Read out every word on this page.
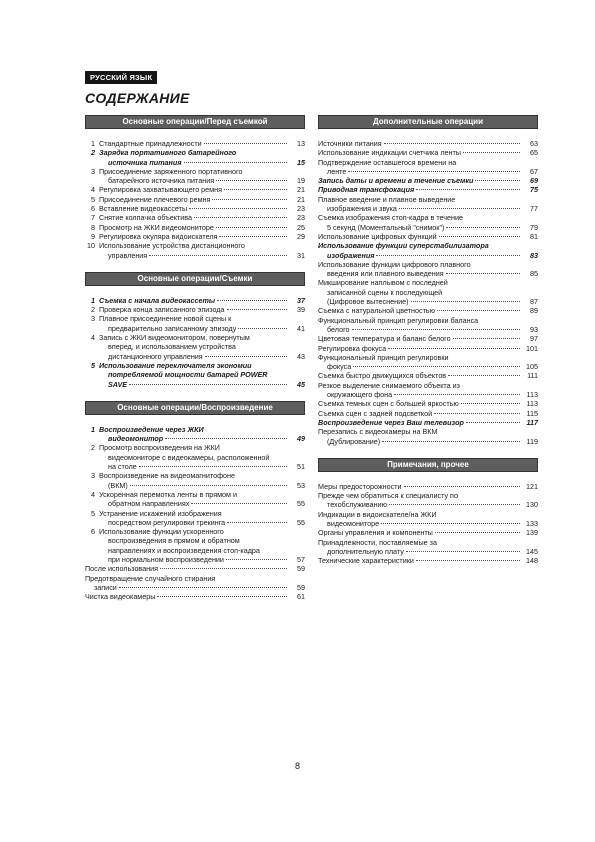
РУССКИЙ ЯЗЫК
СОДЕРЖАНИЕ
Основные операции/Перед съемкой
1 Стандартные принадлежности	13
2 Зарядка портативного батарейного
источника питания	15
3 Присоединение заряженного портативного
батарейного источника питания	19
4 Регулировка захватывающего ремня	21
5 Присоединение плечевого ремня	21
6 Вставление видеокассеты	23
7 Снятие колпачка объектива	23
8 Просмотр на ЖКИ видеомониторе	25
9 Регулировка окуляра видоискателя	29
10 Использование устройства дистанционного
управления	31
Основные операции/Съемки
1 Съемка с начала видеокассеты	37
2 Проверка конца записанного эпизода	39
3 Плавное присоединение новой сцены к
предварительно записанному эпизоду	41
4 Запись с ЖКИ видеомонитором, повернутым
вперед, и использованием устройства
дистанционного управления	43
5 Использование переключателя экономии
потребляемой мощности батарей POWER
SAVE	45
Основные операции/Воспроизведение
1 Воспроизведение через ЖКИ
видеомонитор	49
2 Просмотр воспроизведения на ЖКИ
видеомониторе с видеокамеры, расположенной
на столе	51
3 Воспроизведение на видеомагнитофоне
(ВКМ)	53
4 Ускоренная перемотка ленты в прямом и
обратном направлениях	55
5 Устранение искажений изображения
посредством регулировки трекинга	55
6 Использование функции ускоренного
воспроизведения в прямом и обратном
направлениях и воспроизведения стоп-кадра
при нормальном воспроизведении	57
После использования	59
Предотвращение случайного стирания
записи	59
Чистка видеокамеры	61
Дополнительные операции
Источники питания	63
Использование индикации счетчика ленты	65
Подтверждение оставшегося времени на
ленте	67
Запись даты и времени в течение съемки	69
Приводная трансфокация	75
Плавное введение и плавное выведение
изображения и звука	77
Съемка изображения стоп-кадра в течение
5 секунд (Моментальный "снимок")	79
Использование цифровых функций	81
Использование функции суперстабилизатора
изображения	83
Использование функции цифрового плавного
введения или плавного выведения	85
Микширование наплывом с последней
записанной сцены к последующей
(Цифровое вытеснение)	87
Съемка с натуральной цветностью	89
Функциональный принцип регулировки баланса
белого	93
Цветовая температура и баланс белого	97
Регулировка фокуса	101
Функциональный принцип регулировки
фокуса	105
Съемка быстро движущихся объектов	111
Резкое выделение снимаемого объекта из
окружающего фона	113
Съемка темных сцен с большей яркостью	113
Съемка сцен с задней подсветкой	115
Воспроизведение через Ваш телевизор	117
Перезапись с видеокамеры на ВКМ
(Дублирование)	119
Примечания, прочее
Меры предосторожности	121
Прежде чем обратиться к специалисту по
техобслуживанию	130
Индикации в видоискателе/на ЖКИ
видеомониторе	133
Органы управления и компоненты	139
Принадлежности, поставляемые за
дополнительную плату	145
Технические характеристики	148
8
